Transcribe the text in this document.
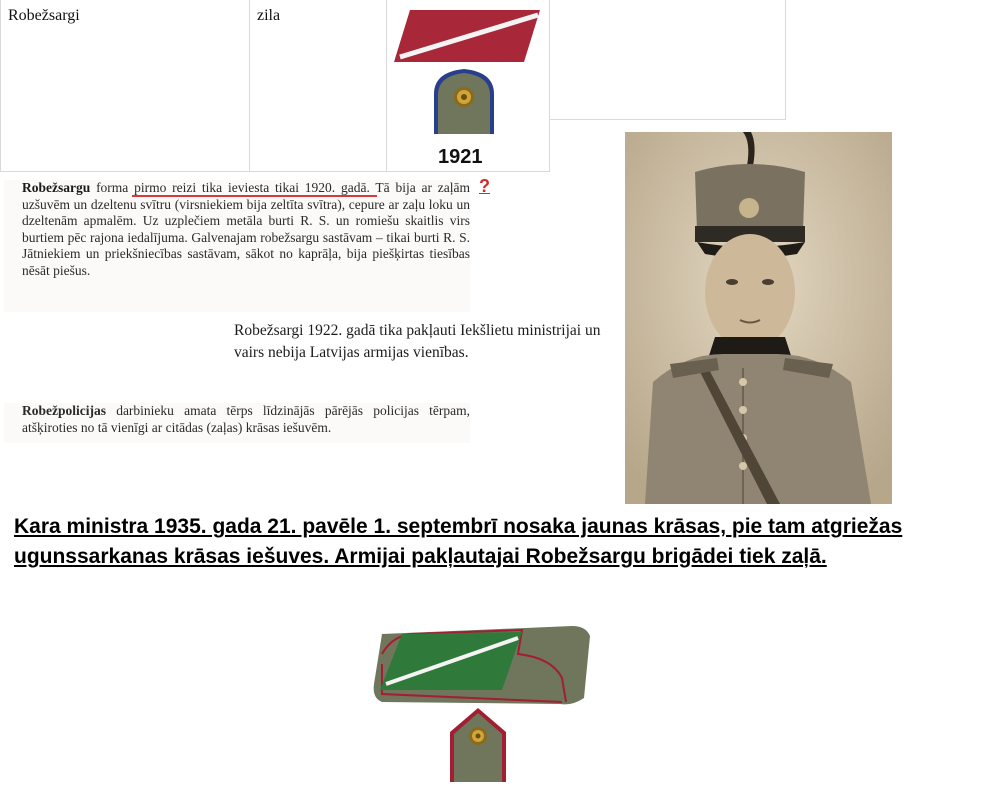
Robežsargi	zila
1921
Robežsargu forma pirmo reizi tika ieviesta tikai 1920. gadā. Tā bija ar zaļām uzšuvēm un dzeltenu svītru (virsniekiem bija zeltīta svītra), cepure ar zaļu loku un dzeltenām apmalēm. Uz uzplečiem metāla burti R. S. un romiešu skaitlis virs burtiem pēc rajona iedalījuma. Galvenajam robežsargu sastāvam – tikai burti R. S. Jātniekiem un priekšniecības sastāvam, sākot no kaprāļa, bija piešķirtas tiesības nēsāt piešus.
?
Robežsargi 1922. gadā tika pakļauti Iekšlietu ministrijai un vairs nebija Latvijas armijas vienības.
Robežpolicijas darbinieku amata tērps līdzinājās pārējās policijas tērpam, atšķiroties no tā vienīgi ar citādas (zaļas) krāsas iešuvēm.
Kara ministra 1935. gada 21. pavēle 1. septembrī nosaka jaunas krāsas, pie tam atgriežas ugunssarkanas krāsas iešuves. Armijai pakļautajai Robežsargu brigādei tiek zaļā.
